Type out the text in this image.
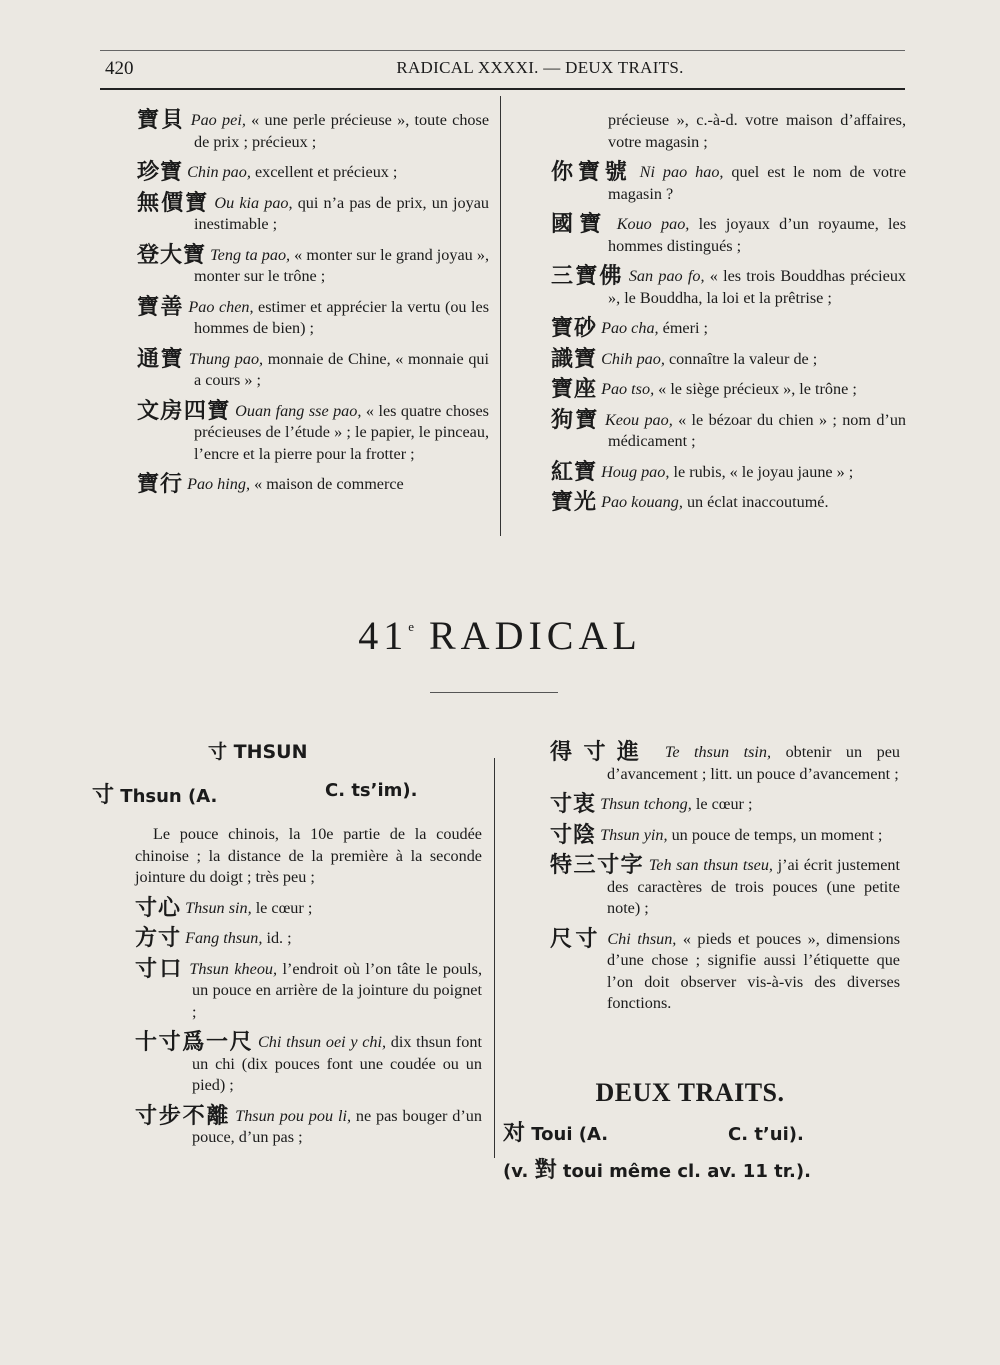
420	RADICAL XXXXI. — DEUX TRAITS.

寶貝 Pao pei, « une perle précieuse », toute chose de prix ; précieux ;

珍寶 Chin pao, excellent et précieux ;

無價寶 Ou kia pao, qui n’a pas de prix, un joyau inestimable ;

登大寶 Teng ta pao, « monter sur le grand joyau », monter sur le trône ;

寶善 Pao chen, estimer et apprécier la vertu (ou les hommes de bien) ;

通寶 Thung pao, monnaie de Chine, « monnaie qui a cours » ;

文房四寶 Ouan fang sse pao, « les quatre choses précieuses de l’étude » ; le papier, le pinceau, l’encre et la pierre pour la frotter ;

寶行 Pao hing, « maison de commerce

précieuse », c.-à-d. votre maison d’affaires, votre magasin ;

你寶號 Ni pao hao, quel est le nom de votre magasin ?

國寶 Kouo pao, les joyaux d’un royaume, les hommes distingués ;

三寶佛 San pao fo, « les trois Bouddhas précieux », le Bouddha, la loi et la prêtrise ;

寶砂 Pao cha, émeri ;

識寶 Chih pao, connaître la valeur de ;

寶座 Pao tso, « le siège précieux », le trône ;

狗寶 Keou pao, « le bézoar du chien » ; nom d’un médicament ;

紅寶 Houg pao, le rubis, « le joyau jaune » ;

寶光 Pao kouang, un éclat inaccoutumé.

41e RADICAL
寸 THSUN
寸 Thsun (A.	C. ts’im).

Le pouce chinois, la 10e partie de la coudée chinoise ; la distance de la première à la seconde jointure du doigt ; très peu ;

寸心 Thsun sin, le cœur ;

方寸 Fang thsun, id. ;

寸口 Thsun kheou, l’endroit où l’on tâte le pouls, un pouce en arrière de la jointure du poignet ;

十寸爲一尺 Chi thsun oei y chi, dix thsun font un chi (dix pouces font une coudée ou un pied) ;

寸步不離 Thsun pou pou li, ne pas bouger d’un pouce, d’un pas ;

得寸進 Te thsun tsin, obtenir un peu d’avancement ; litt. un pouce d’avancement ;

寸衷 Thsun tchong, le cœur ;

寸陰 Thsun yin, un pouce de temps, un moment ;

特三寸字 Teh san thsun tseu, j’ai écrit justement des caractères de trois pouces (une petite note) ;

尺寸 Chi thsun, « pieds et pouces », dimensions d’une chose ; signifie aussi l’étiquette que l’on doit observer vis-à-vis des diverses fonctions.

DEUX TRAITS.
对 Toui (A.	C. t’ui).
(v. 對 toui même cl. av. 11 tr.).
